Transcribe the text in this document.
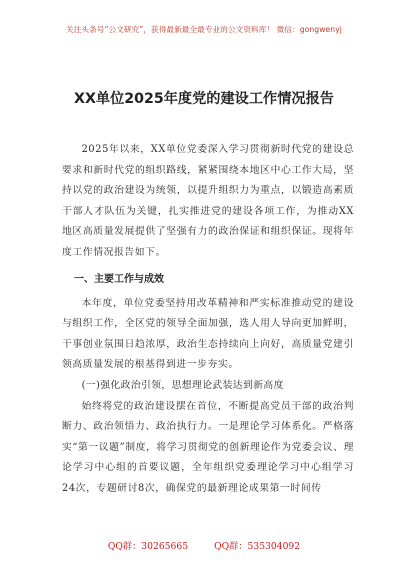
关注头条号“公文研究”，获得最新最全最专业的公文资料库！ 微信：gongwenyj
XX单位2025年度党的建设工作情况报告

2025年以来，XX单位党委深入学习贯彻新时代党的建设总要求和新时代党的组织路线，紧紧围绕本地区中心工作大局，坚持以党的政治建设为统领，以提升组织力为重点，以锻造高素质干部人才队伍为关键，扎实推进党的建设各项工作，为推动XX地区高质量发展提供了坚强有力的政治保证和组织保证。现将年度工作情况报告如下。

一、主要工作与成效

本年度，单位党委坚持用改革精神和严实标准推动党的建设与组织工作，全区党的领导全面加强，选人用人导向更加鲜明，干事创业氛围日趋浓厚，政治生态持续向上向好，高质量党建引领高质量发展的根基得到进一步夯实。

(一)强化政治引领，思想理论武装达到新高度

始终将党的政治建设摆在首位，不断提高党员干部的政治判断力、政治领悟力、政治执行力。一是理论学习体系化。严格落实“第一议题”制度，将学习贯彻党的创新理论作为党委会议、理论学习中心组的首要议题，全年组织党委理论学习中心组学习24次，专题研讨8次，确保党的最新理论成果第一时间传

QQ群：30265665	QQ群：535304092
